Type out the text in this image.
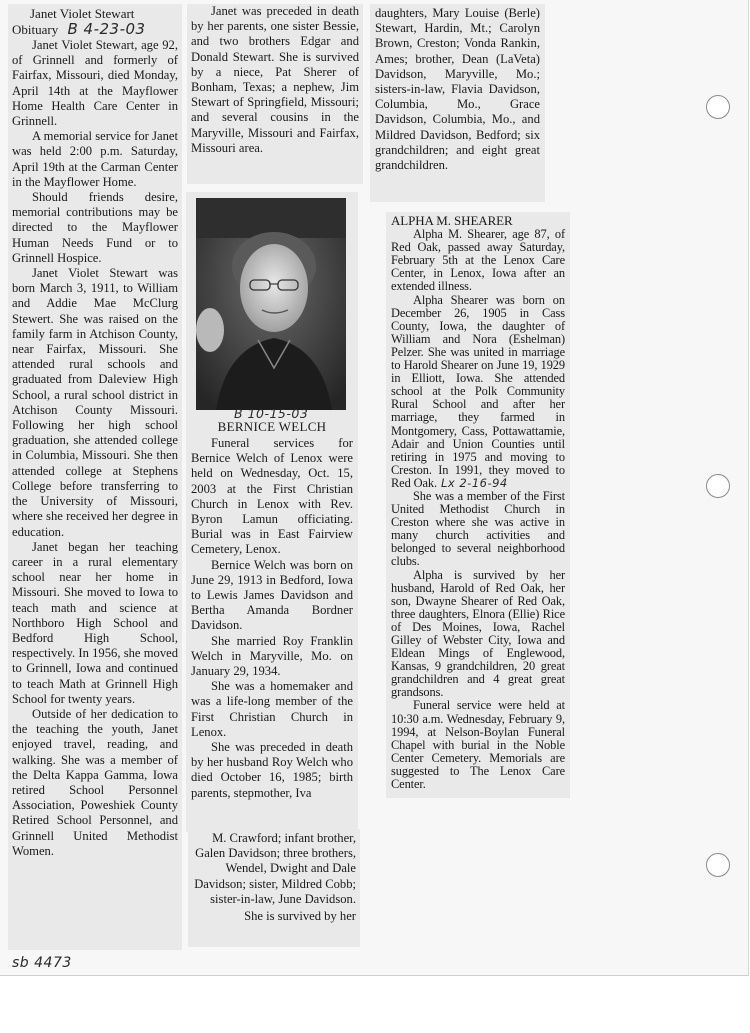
Janet Violet Stewart
Obituary B 4-23-03

Janet Violet Stewart, age 92, of Grinnell and formerly of Fairfax, Missouri, died Monday, April 14th at the Mayflower Home Health Care Center in Grinnell.

A memorial service for Janet was held 2:00 p.m. Saturday, April 19th at the Carman Center in the Mayflower Home.

Should friends desire, memorial contributions may be directed to the Mayflower Human Needs Fund or to Grinnell Hospice.

Janet Violet Stewart was born March 3, 1911, to William and Addie Mae McClurg Stewert. She was raised on the family farm in Atchison County, near Fairfax, Missouri. She attended rural schools and graduated from Daleview High School, a rural school district in Atchison County Missouri. Following her high school graduation, she attended college in Columbia, Missouri. She then attended college at Stephens College before transferring to the University of Missouri, where she received her degree in education.

Janet began her teaching career in a rural elementary school near her home in Missouri. She moved to Iowa to teach math and science at Northboro High School and Bedford High School, respectively. In 1956, she moved to Grinnell, Iowa and continued to teach Math at Grinnell High School for twenty years.

Outside of her dedication to the teaching the youth, Janet enjoyed travel, reading, and walking. She was a member of the Delta Kappa Gamma, Iowa retired School Personnel Association, Poweshiek County Retired School Personnel, and Grinnell United Methodist Women.

Janet was preceded in death by her parents, one sister Bessie, and two brothers Edgar and Donald Stewart. She is survived by a niece, Pat Sherer of Bonham, Texas; a nephew, Jim Stewart of Springfield, Missouri; and several cousins in the Maryville, Missouri and Fairfax, Missouri area.

B 10-15-03
BERNICE WELCH

Funeral services for Bernice Welch of Lenox were held on Wednesday, Oct. 15, 2003 at the First Christian Church in Lenox with Rev. Byron Lamun officiating. Burial was in East Fairview Cemetery, Lenox.

Bernice Welch was born on June 29, 1913 in Bedford, Iowa to Lewis James Davidson and Bertha Amanda Bordner Davidson.

She married Roy Franklin Welch in Maryville, Mo. on January 29, 1934.

She was a homemaker and was a life-long member of the First Christian Church in Lenox.

She was preceded in death by her husband Roy Welch who died October 16, 1985; birth parents, stepmother, Iva

M. Crawford; infant brother, Galen Davidson; three brothers, Wendel, Dwight and Dale Davidson; sister, Mildred Cobb; sister-in-law, June Davidson.

She is survived by her

daughters, Mary Louise (Berle) Stewart, Hardin, Mt.; Carolyn Brown, Creston; Vonda Rankin, Ames; brother, Dean (LaVeta) Davidson, Maryville, Mo.; sisters-in-law, Flavia Davidson, Columbia, Mo., Grace Davidson, Columbia, Mo., and Mildred Davidson, Bedford; six grandchildren; and eight great grandchildren.

ALPHA M. SHEARER

Alpha M. Shearer, age 87, of Red Oak, passed away Saturday, February 5th at the Lenox Care Center, in Lenox, Iowa after an extended illness.

Alpha Shearer was born on December 26, 1905 in Cass County, Iowa, the daughter of William and Nora (Eshelman) Pelzer. She was united in marriage to Harold Shearer on June 19, 1929 in Elliott, Iowa. She attended school at the Polk Community Rural School and after her marriage, they farmed in Montgomery, Cass, Pottawattamie, Adair and Union Counties until retiring in 1975 and moving to Creston. In 1991, they moved to Red Oak. Lx 2-16-94

She was a member of the First United Methodist Church in Creston where she was active in many church activities and belonged to several neighborhood clubs.

Alpha is survived by her husband, Harold of Red Oak, her son, Dwayne Shearer of Red Oak, three daughters, Elnora (Ellie) Rice of Des Moines, Iowa, Rachel Gilley of Webster City, Iowa and Eldean Mings of Englewood, Kansas, 9 grandchildren, 20 great grandchildren and 4 great great grandsons.

Funeral service were held at 10:30 a.m. Wednesday, February 9, 1994, at Nelson-Boylan Funeral Chapel with burial in the Noble Center Cemetery. Memorials are suggested to The Lenox Care Center.

sb 4473
